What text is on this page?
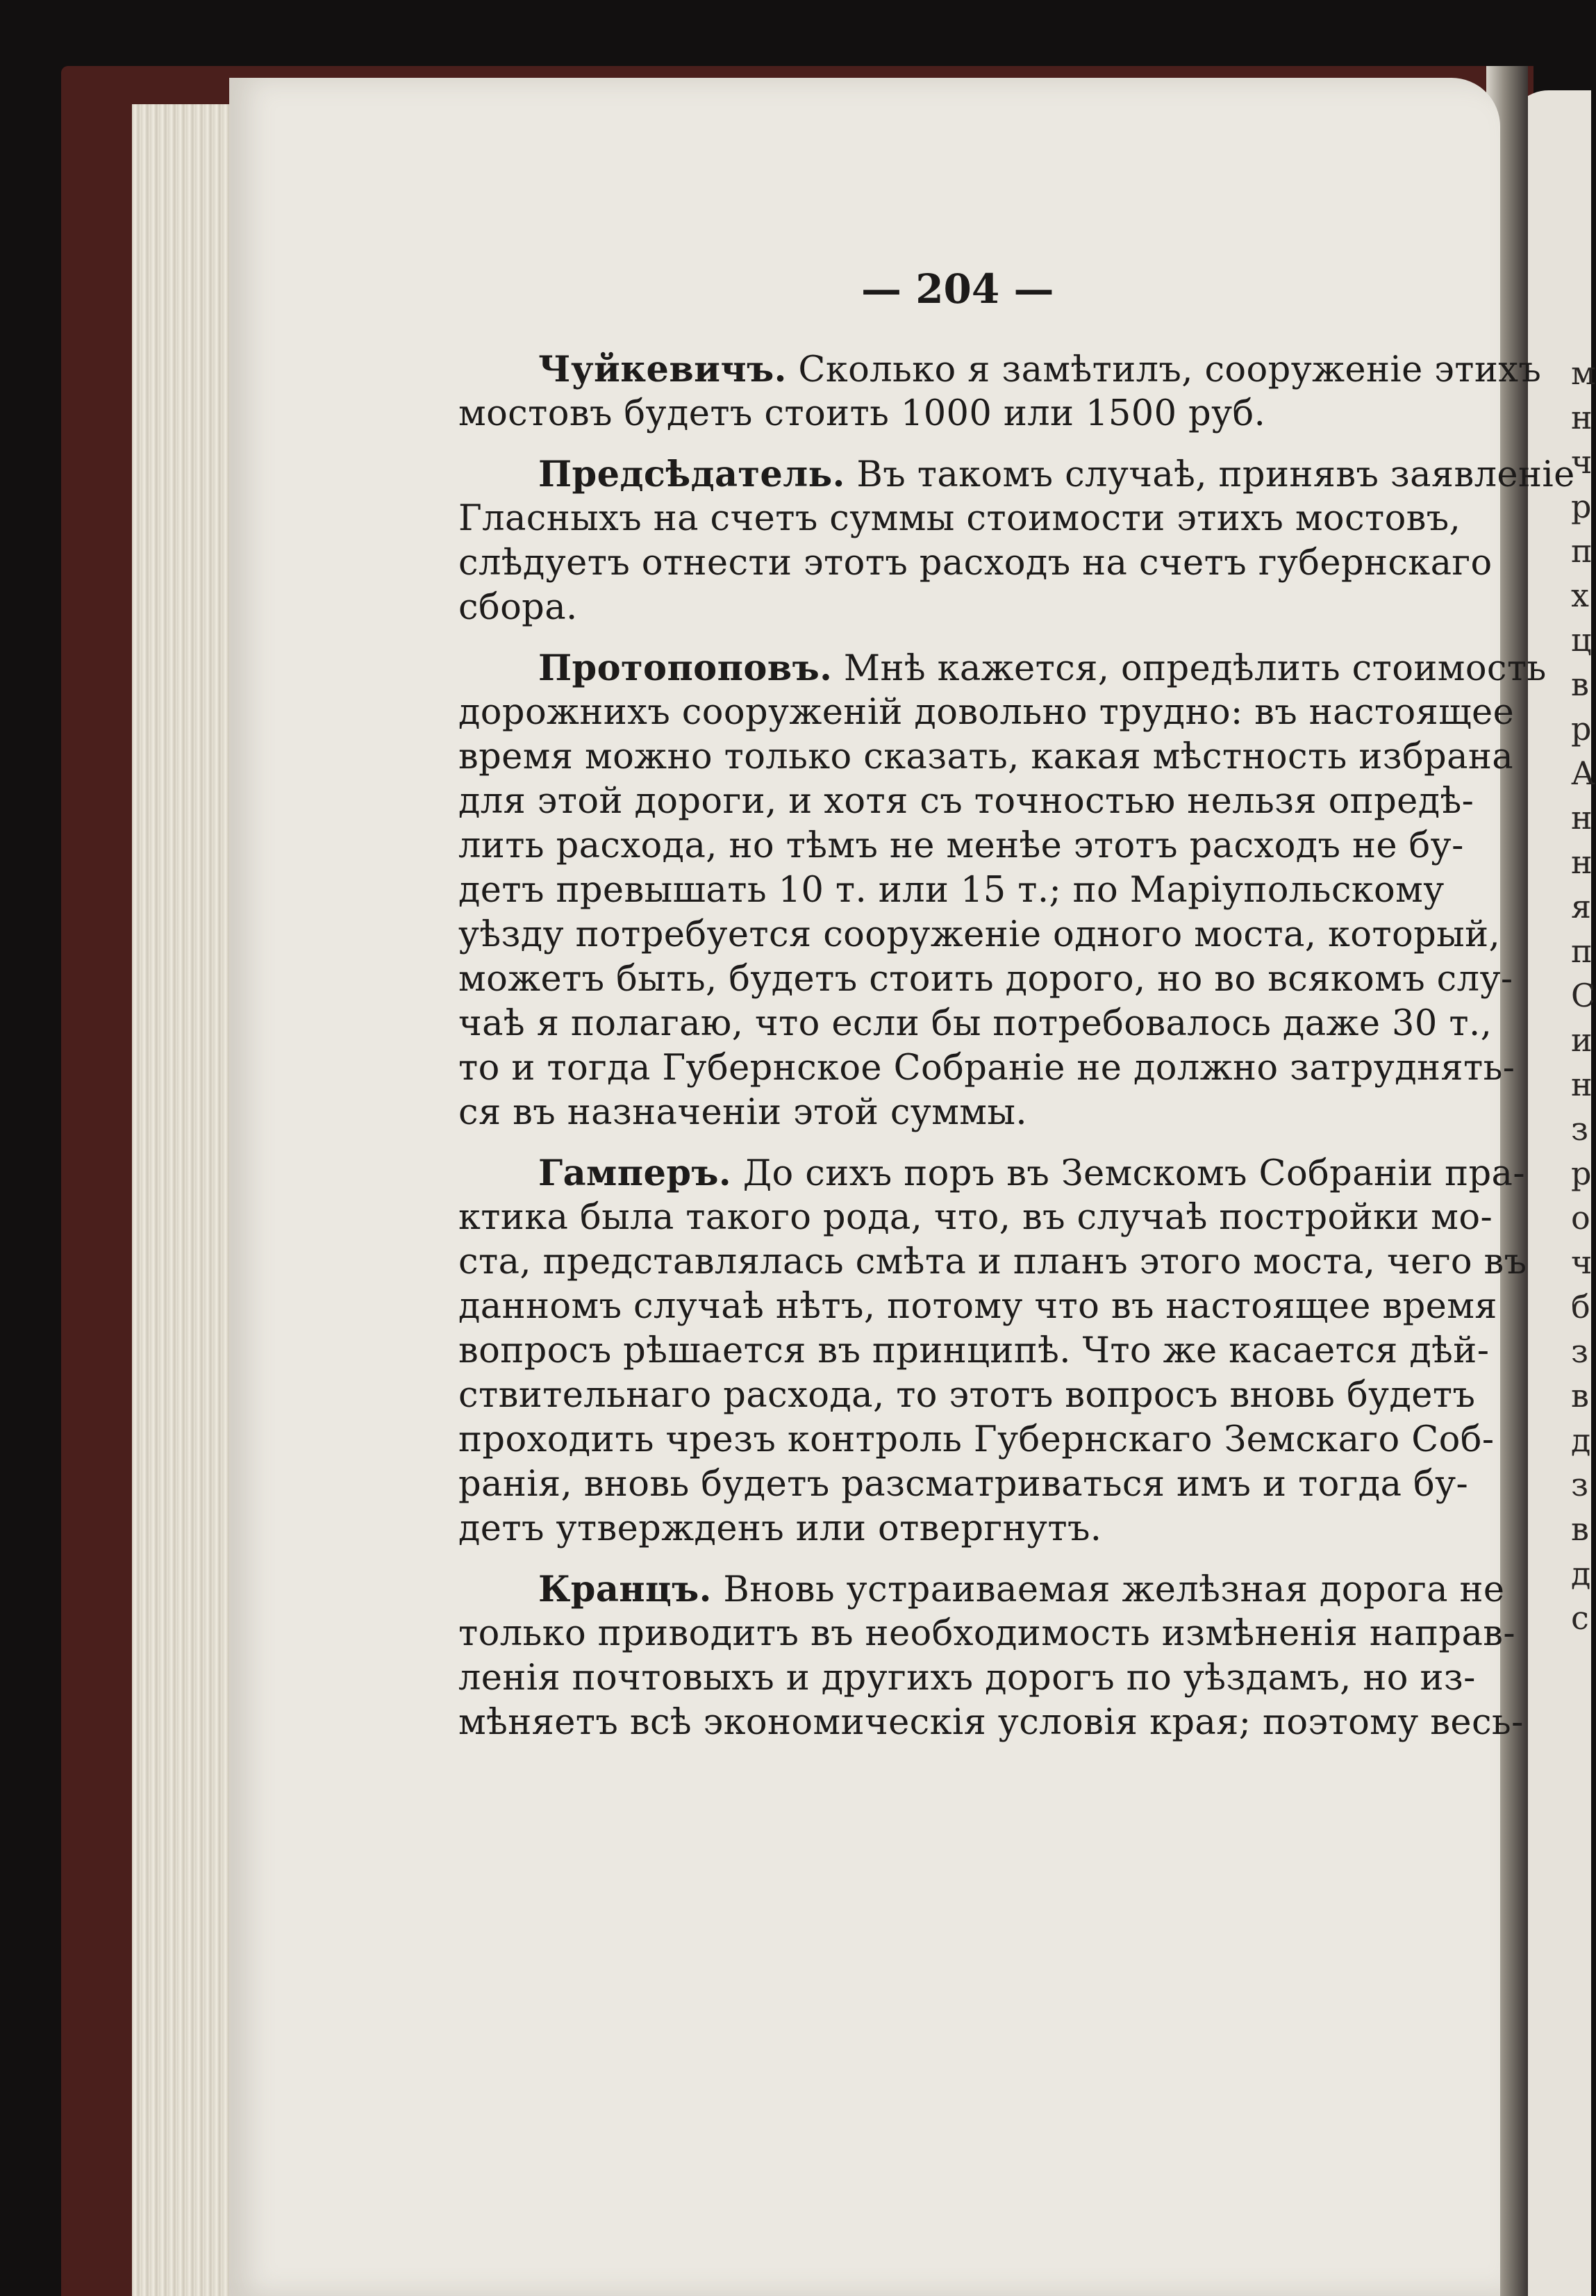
— 204 —
Чуйкевичъ. Сколько я замѣтилъ, сооруженіе этихъ
мостовъ будетъ стоить 1000 или 1500 руб.
Предсѣдатель. Въ такомъ случаѣ, принявъ заявленіе
Гласныхъ на счетъ суммы стоимости этихъ мостовъ,
слѣдуетъ отнести этотъ расходъ на счетъ губернскаго
сбора.
Протопоповъ. Мнѣ кажется, опредѣлить стоимость
дорожнихъ сооруженій довольно трудно: въ настоящее
время можно только сказать, какая мѣстность избрана
для этой дороги, и хотя съ точностью нельзя опредѣ-
лить расхода, но тѣмъ не менѣе этотъ расходъ не бу-
детъ превышать 10 т. или 15 т.; по Маріупольскому
уѣзду потребуется сооруженіе одного моста, который,
можетъ быть, будетъ стоить дорого, но во всякомъ слу-
чаѣ я полагаю, что если бы потребовалось даже 30 т.,
то и тогда Губернское Собраніе не должно затруднять-
ся въ назначеніи этой суммы.
Гамперъ. До сихъ поръ въ Земскомъ Собраніи пра-
ктика была такого рода, что, въ случаѣ постройки мо-
ста, представлялась смѣта и планъ этого моста, чего въ
данномъ случаѣ нѣтъ, потому что въ настоящее время
вопросъ рѣшается въ принципѣ. Что же касается дѣй-
ствительнаго расхода, то этотъ вопросъ вновь будетъ
проходить чрезъ контроль Губернскаго Земскаго Соб-
ранія, вновь будетъ разсматриваться имъ и тогда бу-
детъ утвержденъ или отвергнутъ.
Кранцъ. Вновь устраиваемая желѣзная дорога не
только приводитъ въ необходимость измѣненія направ-
ленія почтовыхъ и другихъ дорогъ по уѣздамъ, но из-
мѣняетъ всѣ экономическія условія края; поэтому весь-
м
н
ч
р
п
х
ц
в
р
А
н
н
я
п
С
и
н
з
р
о
ч
б
з
в
д
з
в
д
с
